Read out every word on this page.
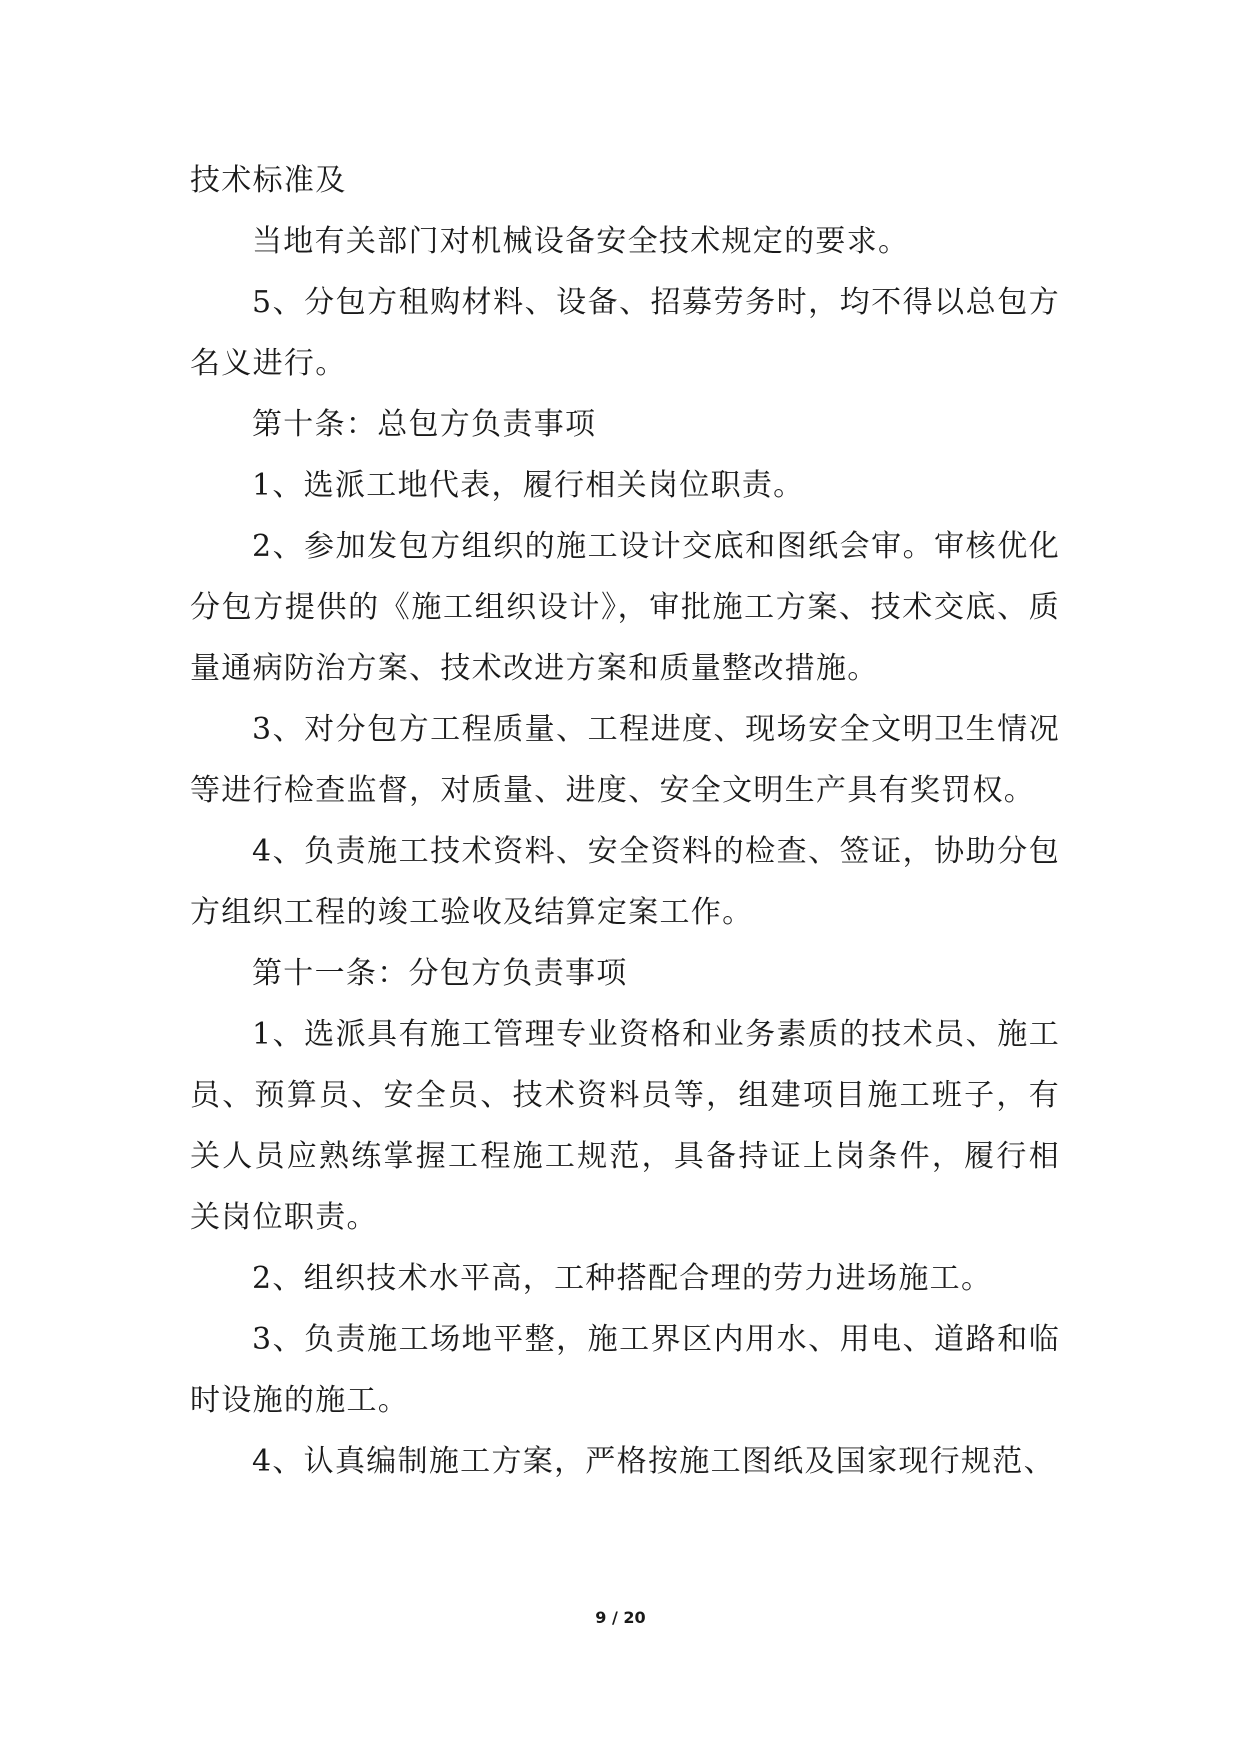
技术标准及

当地有关部门对机械设备安全技术规定的要求。

5、分包方租购材料、设备、招募劳务时，均不得以总包方名义进行。

第十条：总包方负责事项

1、选派工地代表，履行相关岗位职责。

2、参加发包方组织的施工设计交底和图纸会审。审核优化分包方提供的《施工组织设计》，审批施工方案、技术交底、质量通病防治方案、技术改进方案和质量整改措施。

3、对分包方工程质量、工程进度、现场安全文明卫生情况等进行检查监督，对质量、进度、安全文明生产具有奖罚权。

4、负责施工技术资料、安全资料的检查、签证，协助分包方组织工程的竣工验收及结算定案工作。

第十一条：分包方负责事项

1、选派具有施工管理专业资格和业务素质的技术员、施工员、预算员、安全员、技术资料员等，组建项目施工班子，有关人员应熟练掌握工程施工规范，具备持证上岗条件，履行相关岗位职责。

2、组织技术水平高，工种搭配合理的劳力进场施工。

3、负责施工场地平整，施工界区内用水、用电、道路和临时设施的施工。

4、认真编制施工方案，严格按施工图纸及国家现行规范、

9 / 20
